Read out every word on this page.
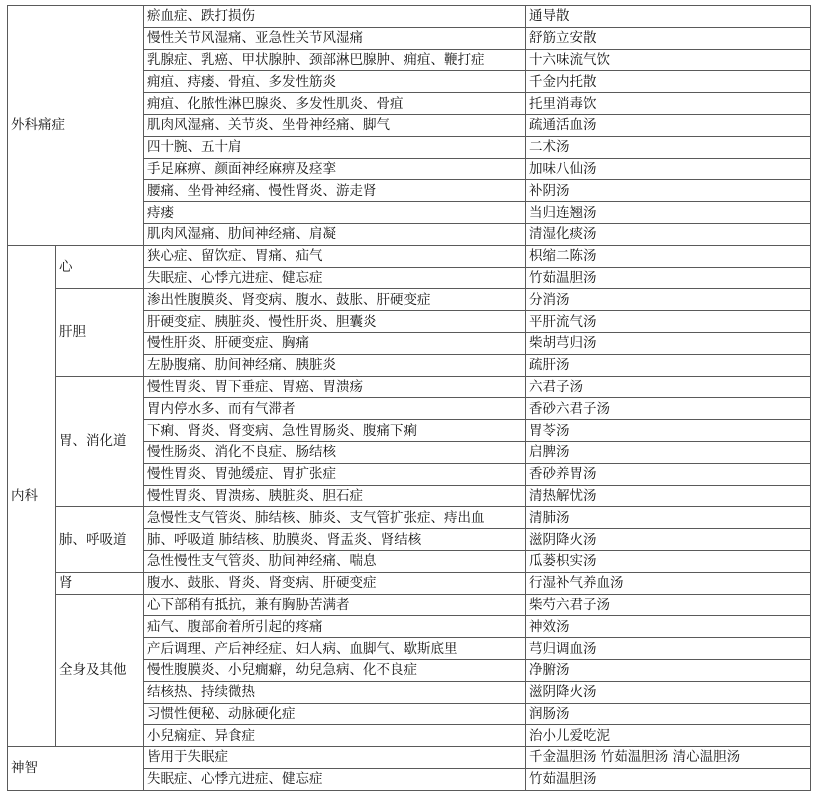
外科痛症		瘀血症、跌打损伤	通导散
		慢性关节风湿痛、亚急性关节风湿痛	舒筋立安散
		乳腺症、乳癌、甲状腺肿、颈部淋巴腺肿、痈疽、鞭打症	十六味流气饮
		痈疽、痔瘘、骨疽、多发性筋炎	千金内托散
		痈疽、化脓性淋巴腺炎、多发性肌炎、骨疽	托里消毒饮
		肌肉风湿痛、关节炎、坐骨神经痛、脚气	疏通活血汤
		四十腕、五十肩	二术汤
		手足麻痹、颜面神经麻痹及痉挛	加味八仙汤
		腰痛、坐骨神经痛、慢性肾炎、游走肾	补阴汤
		痔瘘	当归连翘汤
		肌肉风湿痛、肋间神经痛、肩凝	清湿化痰汤
内科	心	狭心症、留饮症、胃痛、疝气	枳缩二陈汤
		失眠症、心悸亢进症、健忘症	竹茹温胆汤
	肝胆	渗出性腹膜炎、肾变病、腹水、鼓胀、肝硬变症	分消汤
		肝硬变症、胰脏炎、慢性肝炎、胆囊炎	平肝流气汤
		慢性肝炎、肝硬变症、胸痛	柴胡芎归汤
		左胁腹痛、肋间神经痛、胰脏炎	疏肝汤
	胃、消化道	慢性胃炎、胃下垂症、胃癌、胃溃疡	六君子汤
		胃内停水多、而有气滞者	香砂六君子汤
		下痢、肾炎、肾变病、急性胃肠炎、腹痛下痢	胃苓汤
		慢性肠炎、消化不良症、肠结核	启脾汤
		慢性胃炎、胃弛缓症、胃扩张症	香砂养胃汤
		慢性胃炎、胃溃疡、胰脏炎、胆石症	清热解忧汤
	肺、呼吸道	急慢性支气管炎、肺结核、肺炎、支气管扩张症、痔出血	清肺汤
		肺、呼吸道 肺结核、肋膜炎、肾盂炎、肾结核	滋阴降火汤
		急性慢性支气管炎、肋间神经痛、喘息	瓜蒌枳实汤
	肾	腹水、鼓胀、肾炎、肾变病、肝硬变症	行湿补气养血汤
	全身及其他	心下部稍有抵抗，兼有胸胁苦满者	柴芍六君子汤
		疝气、腹部俞着所引起的疼痛	神效汤
		产后调理、产后神经症、妇人病、血脚气、歇斯底里	芎归调血汤
		慢性腹膜炎、小兒癇癖，幼兒急病、化不良症	净腑汤
		结核热、持续微热	滋阴降火汤
		习惯性便秘、动脉硬化症	润肠汤
		小兒痫症、异食症	治小儿爱吃泥
神智		皆用于失眠症	千金温胆汤 竹茹温胆汤 清心温胆汤
		失眠症、心悸亢进症、健忘症	竹茹温胆汤
